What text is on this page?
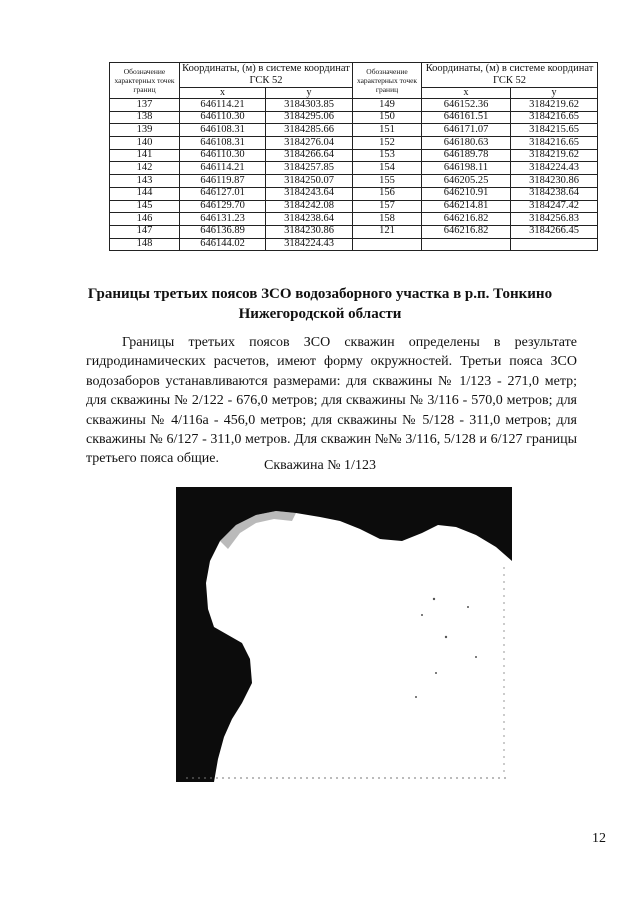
Обозначение характерных точек границ	Координаты, (м) в системе координат ГСК 52		Обозначение характерных точек границ	Координаты, (м) в системе координат ГСК 52	
	x	y		x	y
137	646114.21	3184303.85	149	646152.36	3184219.62
138	646110.30	3184295.06	150	646161.51	3184216.65
139	646108.31	3184285.66	151	646171.07	3184215.65
140	646108.31	3184276.04	152	646180.63	3184216.65
141	646110.30	3184266.64	153	646189.78	3184219.62
142	646114.21	3184257.85	154	646198.11	3184224.43
143	646119.87	3184250.07	155	646205.25	3184230.86
144	646127.01	3184243.64	156	646210.91	3184238.64
145	646129.70	3184242.08	157	646214.81	3184247.42
146	646131.23	3184238.64	158	646216.82	3184256.83
147	646136.89	3184230.86	121	646216.82	3184266.45
148	646144.02	3184224.43			
Границы третьих поясов ЗСО водозаборного участка в р.п. Тонкино Нижегородской области
Границы третьих поясов ЗСО скважин определены в результате гидродинамических расчетов, имеют форму окружностей. Третьи пояса ЗСО водозаборов устанавливаются размерами: для скважины № 1/123 - 271,0 метр; для скважины № 2/122 - 676,0 метров; для скважины № 3/116 - 570,0 метров; для скважины № 4/116а - 456,0 метров; для скважины № 5/128 - 311,0 метров; для скважины № 6/127 - 311,0 метров. Для скважин №№ 3/116, 5/128 и 6/127 границы третьего пояса общие.	Скважина № 1/123
12
